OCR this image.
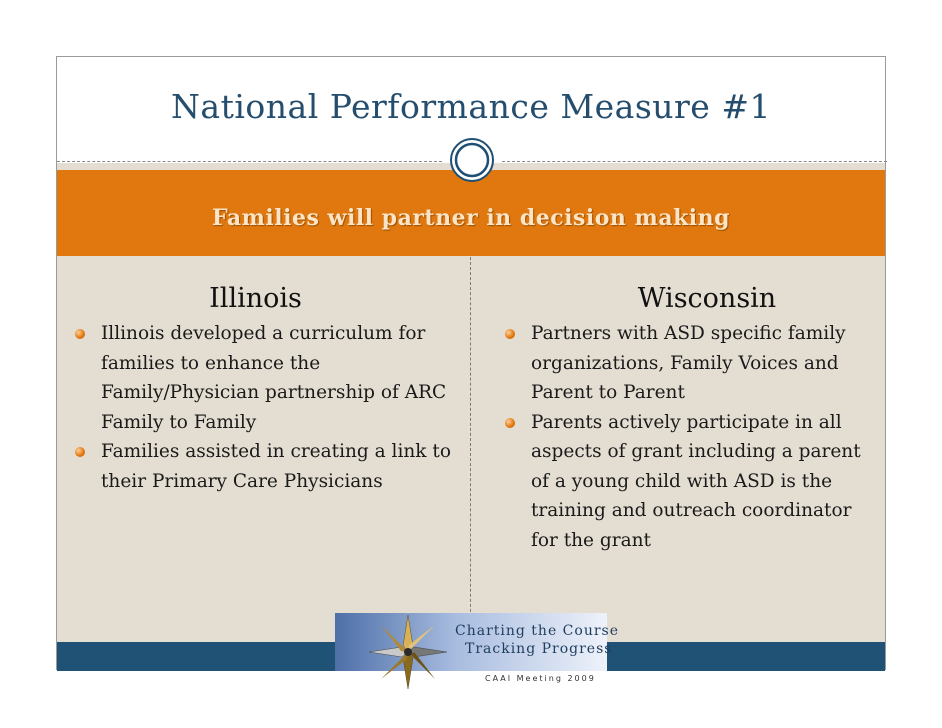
National Performance Measure #1
Families will partner in decision making
Illinois
Illinois developed a curriculum for families to enhance the Family/Physician partnership of ARC Family to Family
Families assisted in creating a link to their Primary Care Physicians
Wisconsin
Partners with ASD specific family organizations, Family Voices and Parent to Parent
Parents actively participate in all aspects of grant including a parent of a young child with ASD is the training and outreach coordinator for the grant
Charting the Course
Tracking Progress
CAAI Meeting 2009
